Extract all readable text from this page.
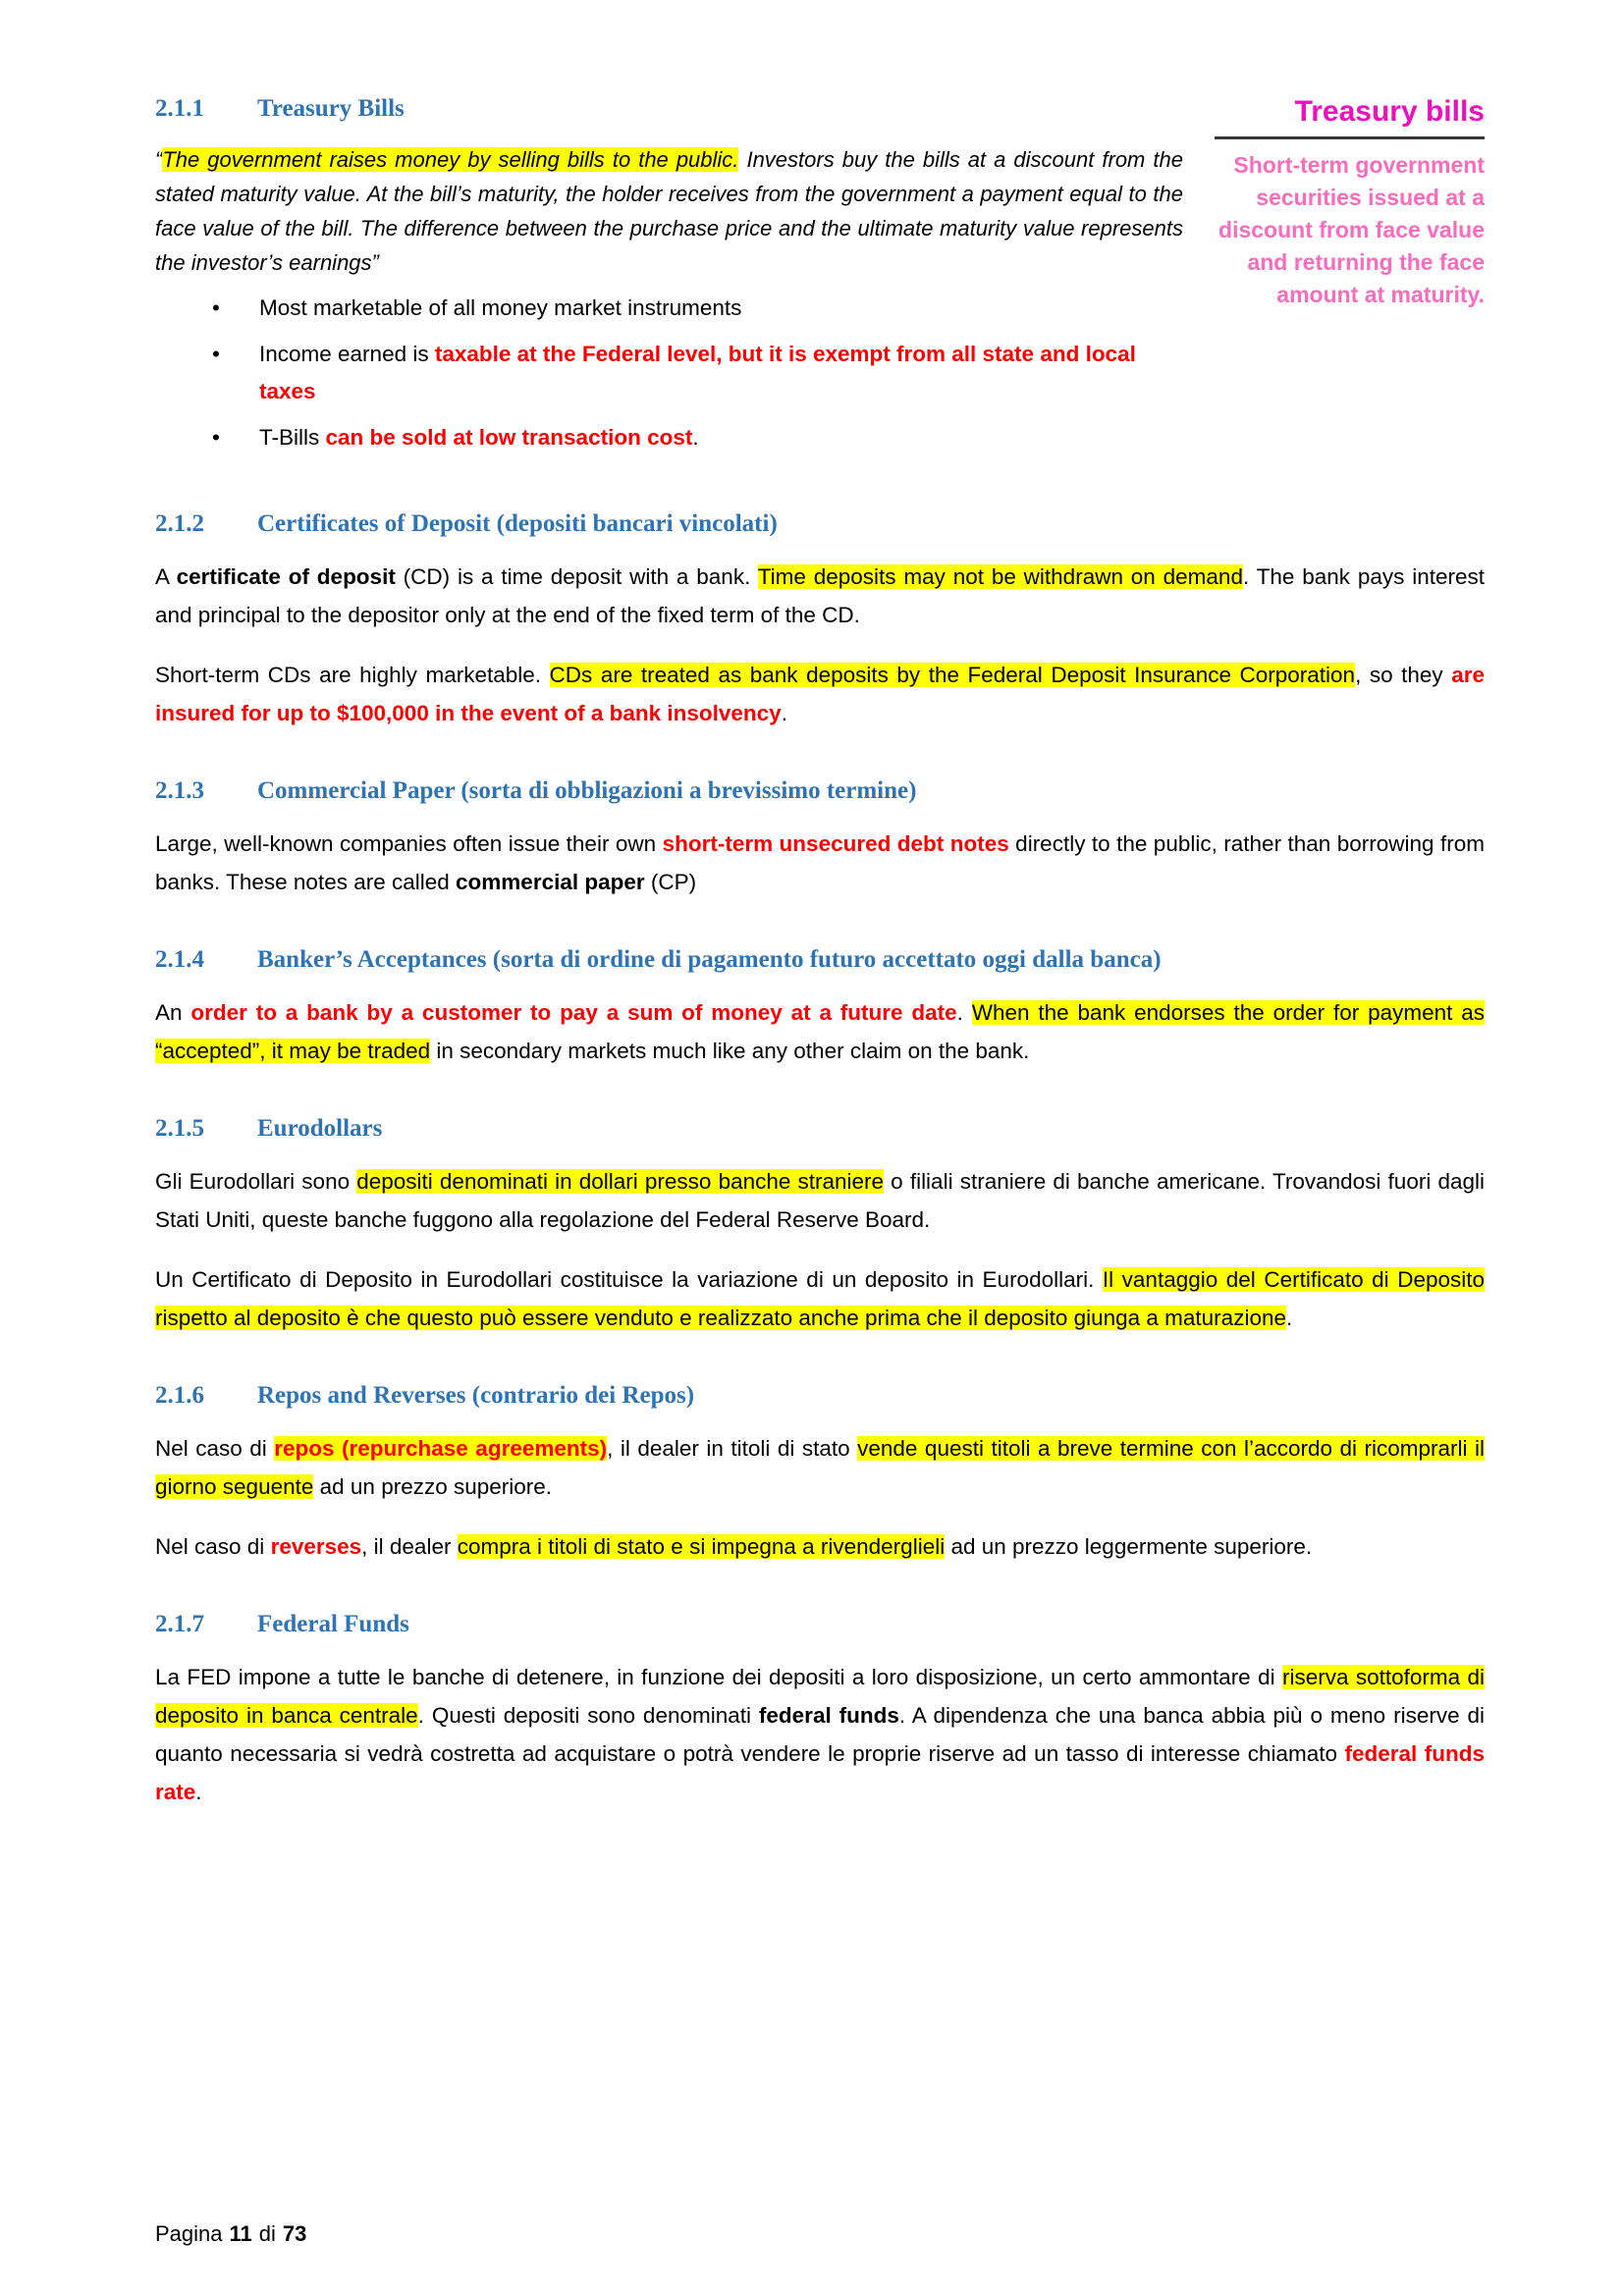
2.1.1 Treasury Bills

“The government raises money by selling bills to the public. Investors buy the bills at a discount from the stated maturity value. At the bill’s maturity, the holder receives from the government a payment equal to the face value of the bill. The difference between the purchase price and the ultimate maturity value represents the investor’s earnings”

• Most marketable of all money market instruments
• Income earned is taxable at the Federal level, but it is exempt from all state and local taxes
• T-Bills can be sold at low transaction cost.
Treasury bills
Short-term government securities issued at a discount from face value and returning the face amount at maturity.
2.1.2 Certificates of Deposit (depositi bancari vincolati)

A certificate of deposit (CD) is a time deposit with a bank. Time deposits may not be withdrawn on demand. The bank pays interest and principal to the depositor only at the end of the fixed term of the CD.

Short-term CDs are highly marketable. CDs are treated as bank deposits by the Federal Deposit Insurance Corporation, so they are insured for up to $100,000 in the event of a bank insolvency.

2.1.3 Commercial Paper (sorta di obbligazioni a brevissimo termine)

Large, well-known companies often issue their own short-term unsecured debt notes directly to the public, rather than borrowing from banks. These notes are called commercial paper (CP)

2.1.4 Banker’s Acceptances (sorta di ordine di pagamento futuro accettato oggi dalla banca)

An order to a bank by a customer to pay a sum of money at a future date. When the bank endorses the order for payment as “accepted”, it may be traded in secondary markets much like any other claim on the bank.

2.1.5 Eurodollars

Gli Eurodollari sono depositi denominati in dollari presso banche straniere o filiali straniere di banche americane. Trovandosi fuori dagli Stati Uniti, queste banche fuggono alla regolazione del Federal Reserve Board.

Un Certificato di Deposito in Eurodollari costituisce la variazione di un deposito in Eurodollari. Il vantaggio del Certificato di Deposito rispetto al deposito è che questo può essere venduto e realizzato anche prima che il deposito giunga a maturazione.

2.1.6 Repos and Reverses (contrario dei Repos)

Nel caso di repos (repurchase agreements), il dealer in titoli di stato vende questi titoli a breve termine con l’accordo di ricomprarli il giorno seguente ad un prezzo superiore.

Nel caso di reverses, il dealer compra i titoli di stato e si impegna a rivenderglieli ad un prezzo leggermente superiore.

2.1.7 Federal Funds

La FED impone a tutte le banche di detenere, in funzione dei depositi a loro disposizione, un certo ammontare di riserva sottoforma di deposito in banca centrale. Questi depositi sono denominati federal funds. A dipendenza che una banca abbia più o meno riserve di quanto necessaria si vedrà costretta ad acquistare o potrà vendere le proprie riserve ad un tasso di interesse chiamato federal funds rate.

Pagina 11 di 73
